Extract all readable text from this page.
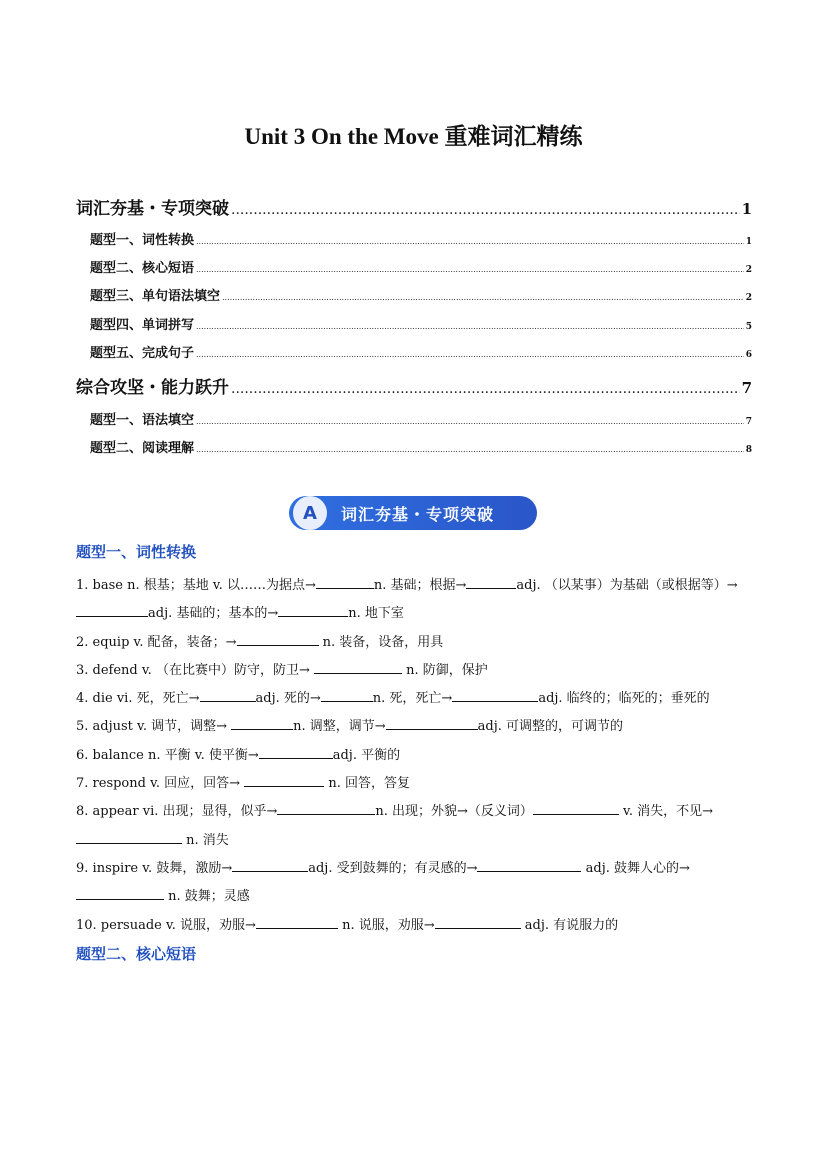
Unit 3 On the Move 重难词汇精练
词汇夯基・专项突破 .....	1
题型一、词性转换 .....	1
题型二、核心短语 .....	2
题型三、单句语法填空 .....	2
题型四、单词拼写 .....	5
题型五、完成句子 .....	6
综合攻坚・能力跃升 .....	7
题型一、语法填空 .....	7
题型二、阅读理解 .....	8
A	词汇夯基・专项突破
题型一、词性转换
1. base n. 根基；基地 v. 以……为据点→	n. 基础；根据→	adj. （以某事）为基础（或根据等）→adj. 基础的；基本的→	n. 地下室
2. equip v. 配备，装备；→	n. 装备，设备，用具
3. defend v. （在比赛中）防守，防卫→	n. 防御，保护
4. die vi. 死，死亡→	adj. 死的→	n. 死，死亡→	adj. 临终的；临死的；垂死的
5. adjust v. 调节，调整→	n. 调整，调节→	adj. 可调整的，可调节的
6. balance n. 平衡 v. 使平衡→	adj. 平衡的
7. respond v. 回应，回答→	n. 回答，答复
8. appear vi. 出现；显得，似乎→	n. 出现；外貌→（反义词）	v. 消失，不见→ n. 消失
9. inspire v. 鼓舞，激励→	adj. 受到鼓舞的；有灵感的→	adj. 鼓舞人心的→ n. 鼓舞；灵感
10. persuade v. 说服，劝服→	n. 说服，劝服→	adj. 有说服力的
题型二、核心短语
